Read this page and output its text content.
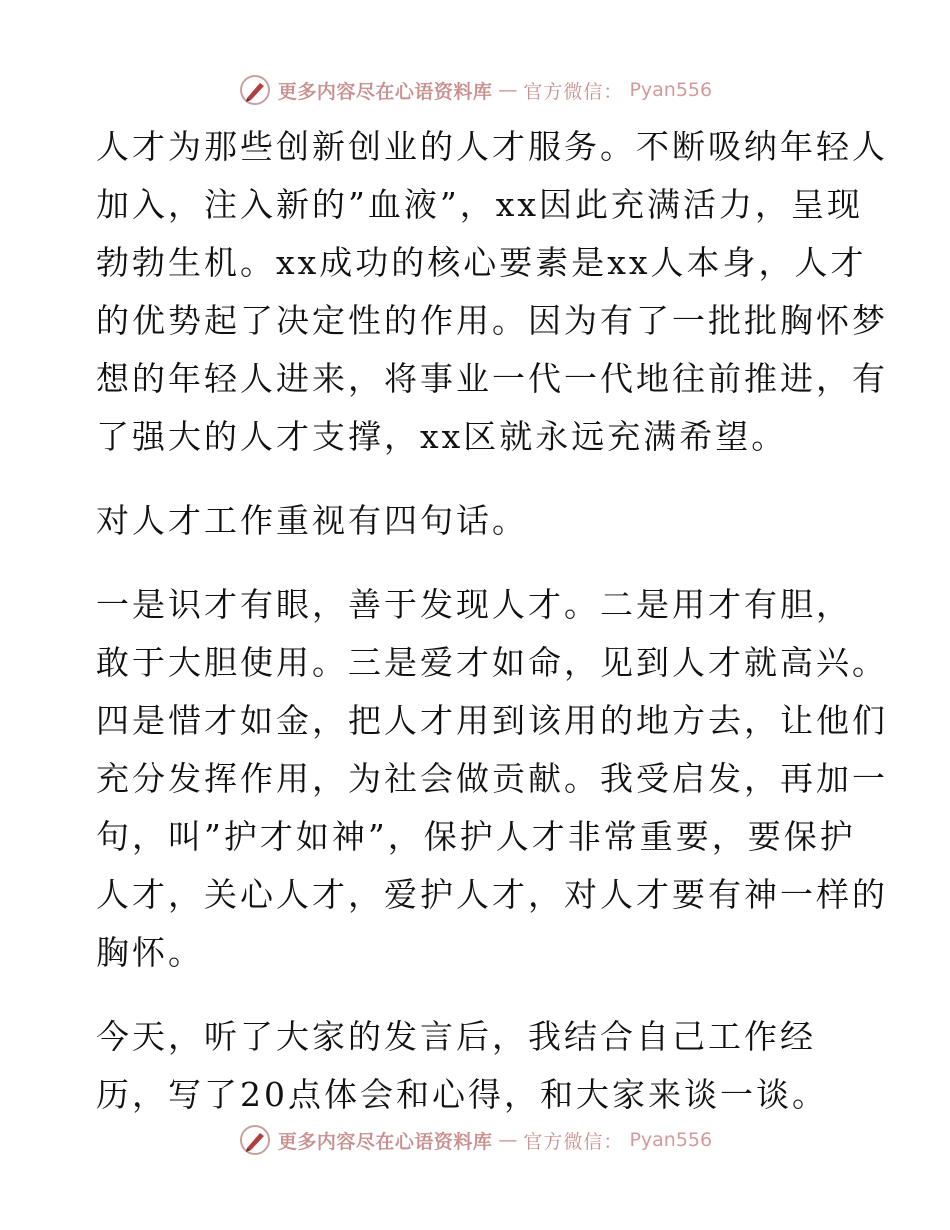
更多内容尽在心语资料库 — 官方微信： Pyan556
人才为那些创新创业的人才服务。不断吸纳年轻人
加入，注入新的”血液”，xx因此充满活力，呈现
勃勃生机。xx成功的核心要素是xx人本身，人才
的优势起了决定性的作用。因为有了一批批胸怀梦
想的年轻人进来，将事业一代一代地往前推进，有
了强大的人才支撑，xx区就永远充满希望。
对人才工作重视有四句话。
一是识才有眼，善于发现人才。二是用才有胆，
敢于大胆使用。三是爱才如命，见到人才就高兴。
四是惜才如金，把人才用到该用的地方去，让他们
充分发挥作用，为社会做贡献。我受启发，再加一
句，叫”护才如神”，保护人才非常重要，要保护
人才，关心人才，爱护人才，对人才要有神一样的
胸怀。
今天，听了大家的发言后，我结合自己工作经
历，写了20点体会和心得，和大家来谈一谈。
更多内容尽在心语资料库 — 官方微信： Pyan556
